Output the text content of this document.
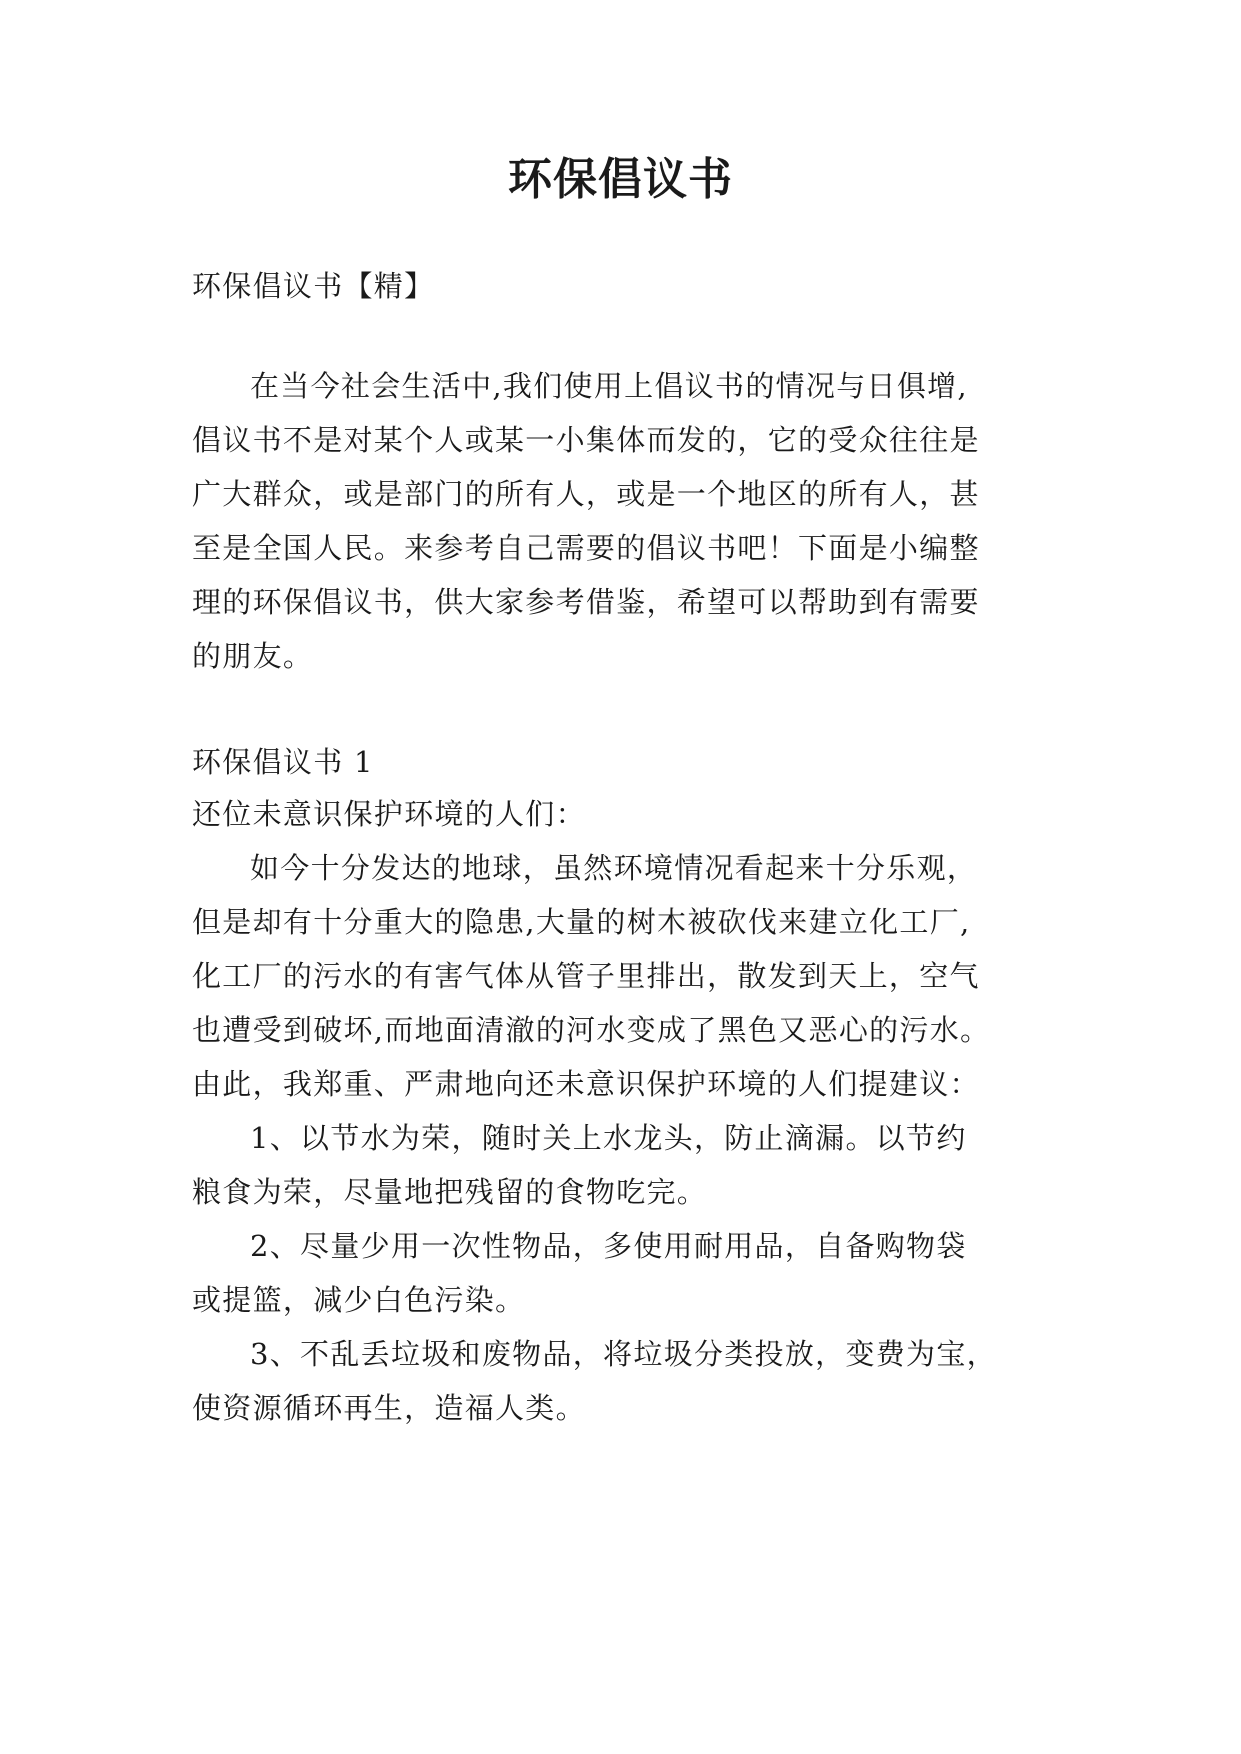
环保倡议书
环保倡议书【精】
在当今社会生活中,我们使用上倡议书的情况与日俱增,
倡议书不是对某个人或某一小集体而发的，它的受众往往是
广大群众，或是部门的所有人，或是一个地区的所有人，甚
至是全国人民。来参考自己需要的倡议书吧！下面是小编整
理的环保倡议书，供大家参考借鉴，希望可以帮助到有需要
的朋友。
环保倡议书 1
还位未意识保护环境的人们：
如今十分发达的地球，虽然环境情况看起来十分乐观，
但是却有十分重大的隐患,大量的树木被砍伐来建立化工厂,
化工厂的污水的有害气体从管子里排出，散发到天上，空气
也遭受到破坏,而地面清澈的河水变成了黑色又恶心的污水。
由此，我郑重、严肃地向还未意识保护环境的人们提建议：
1、以节水为荣，随时关上水龙头，防止滴漏。以节约
粮食为荣，尽量地把残留的食物吃完。
2、尽量少用一次性物品，多使用耐用品，自备购物袋
或提篮，减少白色污染。
3、不乱丢垃圾和废物品，将垃圾分类投放，变费为宝，
使资源循环再生，造福人类。
